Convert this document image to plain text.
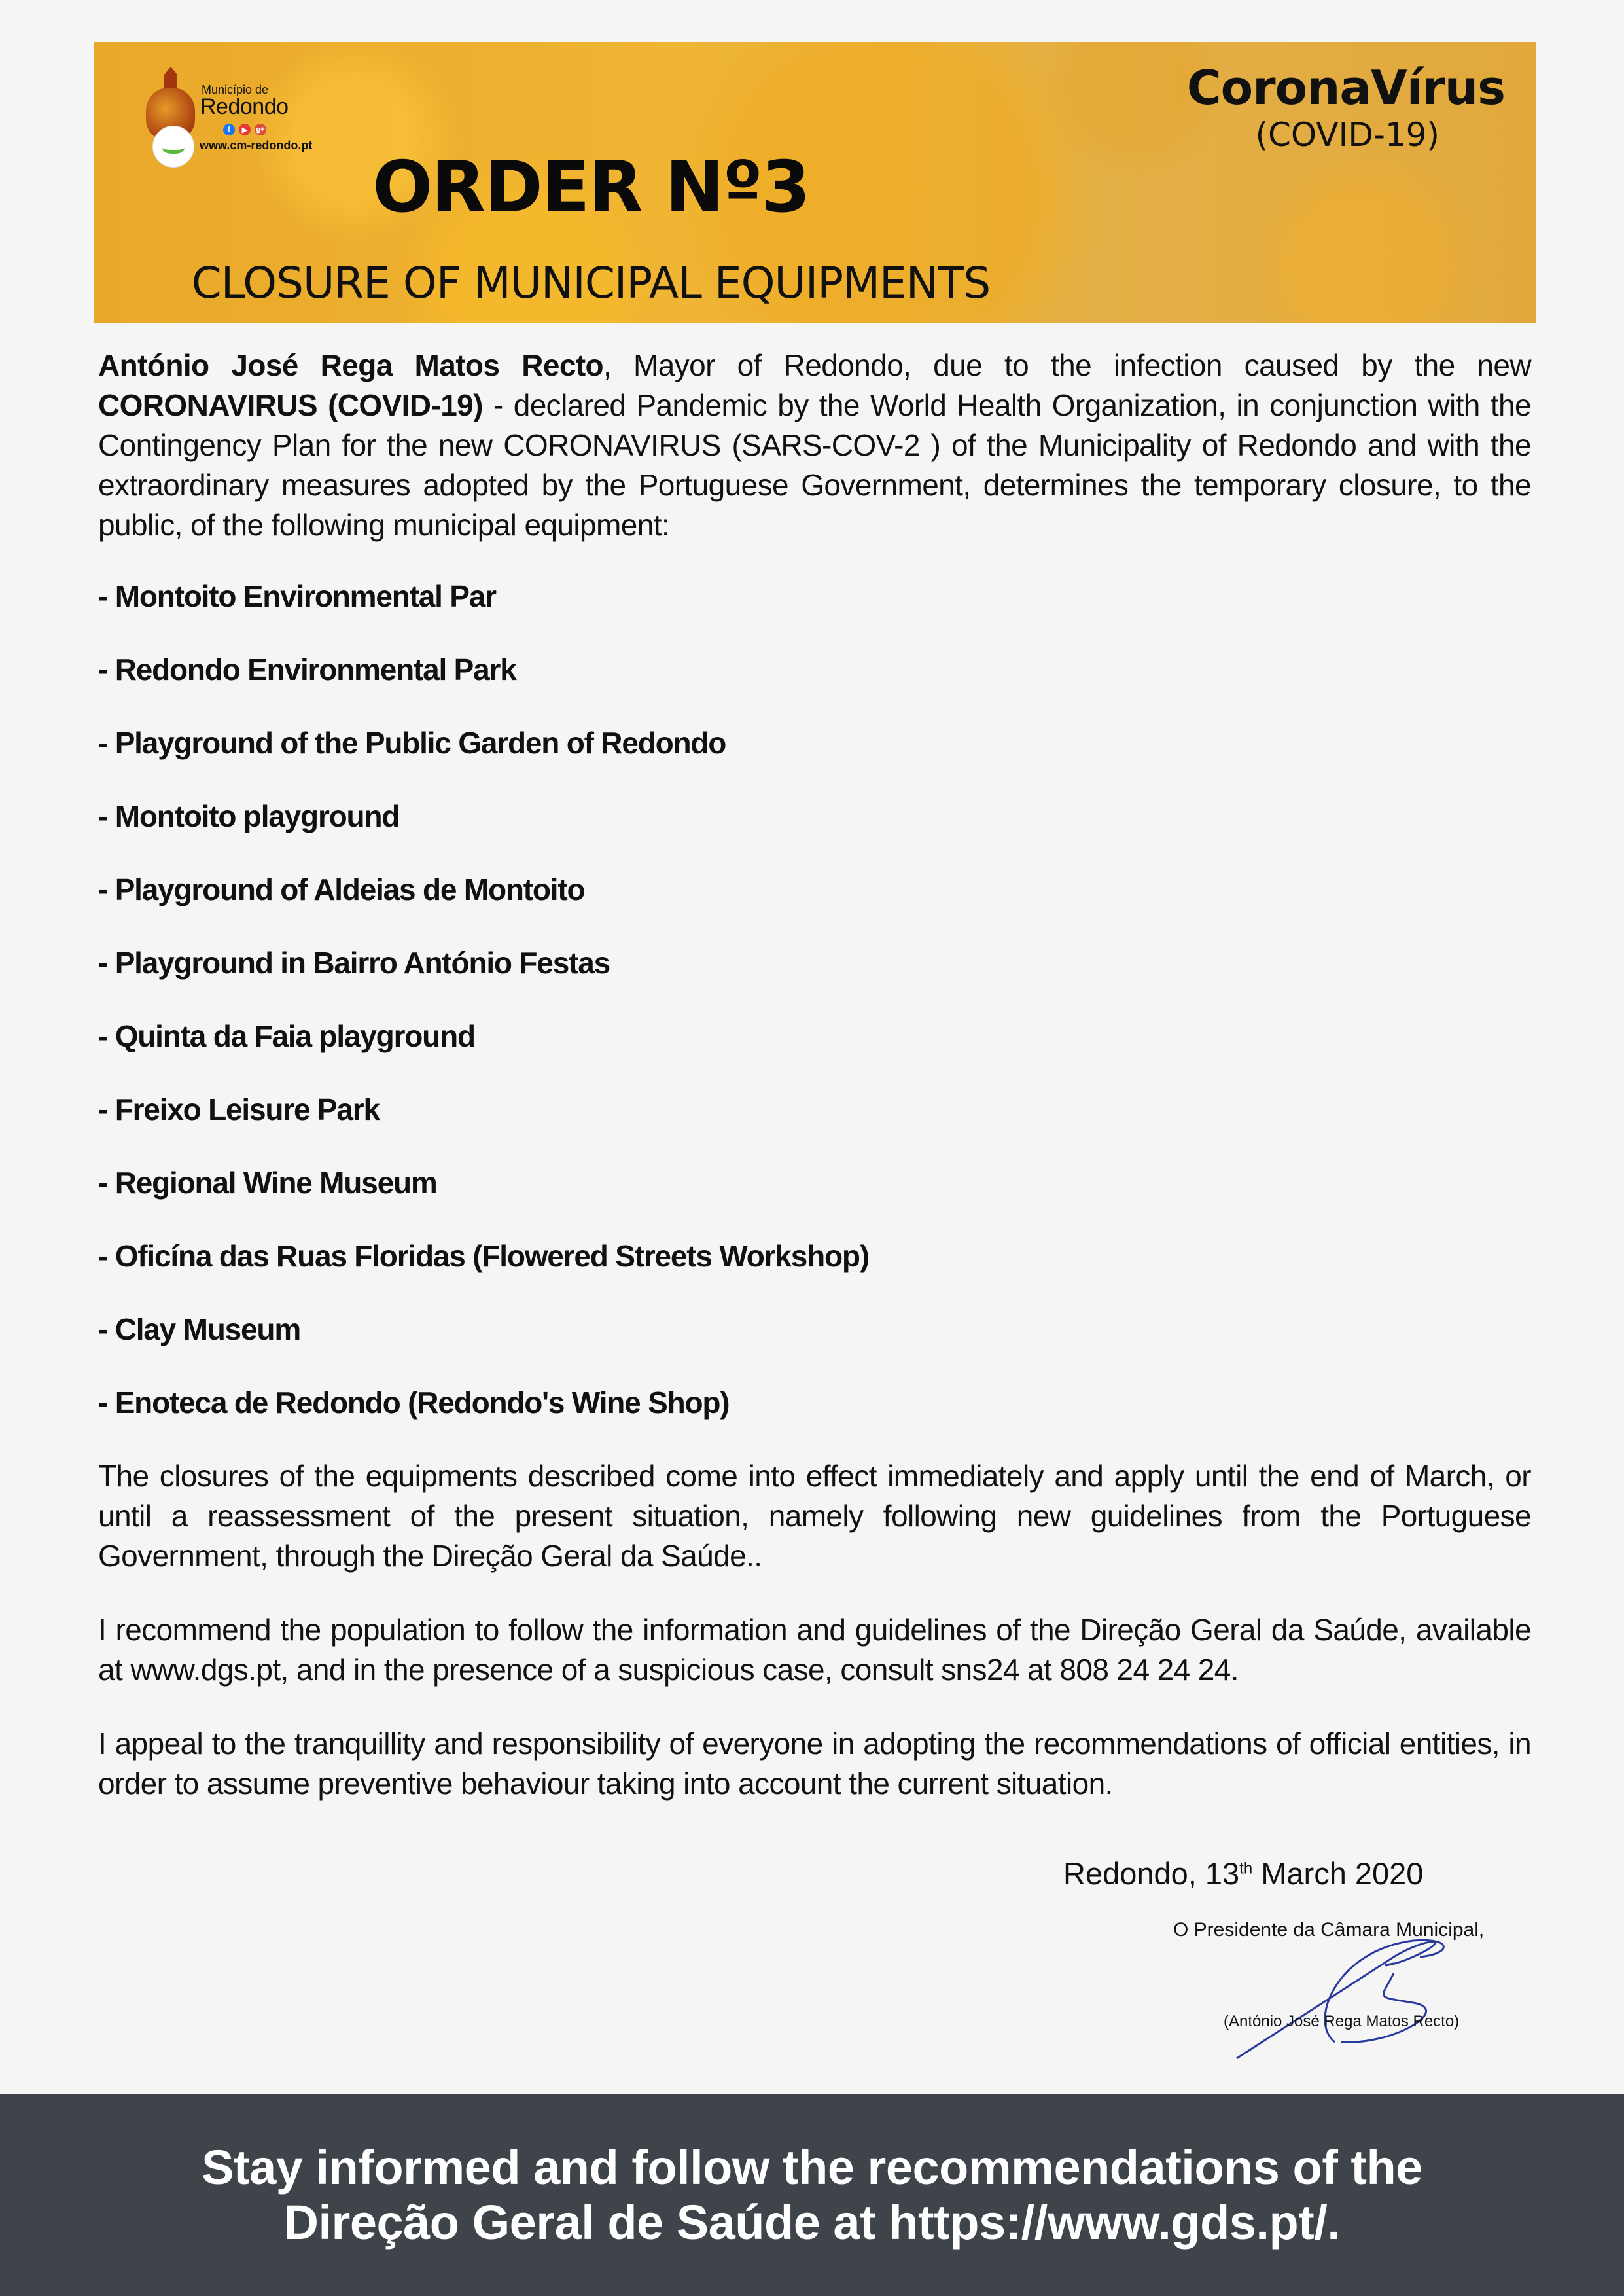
Município de
Redondo
f	▶	g+
www.cm-redondo.pt
CoronaVírus
(COVID-19)
ORDER Nº3
CLOSURE OF MUNICIPAL EQUIPMENTS

António José Rega Matos Recto, Mayor of Redondo, due to the infection caused by the new CORONAVIRUS (COVID-19) - declared Pandemic by the World Health Organization, in conjunction with the Contingency Plan for the new CORONAVIRUS (SARS-COV-2 ) of the Municipality of Redondo and with the extraordinary measures adopted by the Portuguese Government, determines the temporary closure, to the public, of the following municipal equipment:

- Montoito Environmental Par
- Redondo Environmental Park
- Playground of the Public Garden of Redondo
- Montoito playground
- Playground of Aldeias de Montoito
- Playground in Bairro António Festas
- Quinta da Faia playground
- Freixo Leisure Park
- Regional Wine Museum
- Oficína das Ruas Floridas (Flowered Streets Workshop)
- Clay Museum
- Enoteca de Redondo (Redondo's Wine Shop)

The closures of the equipments described come into effect immediately and apply until the end of March, or until a reassessment of the present situation, namely following new guidelines from the Portuguese Government, through the Direção Geral da Saúde..

I recommend the population to follow the information and guidelines of the Direção Geral da Saúde, available at www.dgs.pt, and in the presence of a suspicious case, consult sns24 at 808 24 24 24.

I appeal to the tranquillity and responsibility of everyone in adopting the recommendations of official entities, in order to assume preventive behaviour taking into account the current situation.

Redondo, 13th March 2020
O Presidente da Câmara Municipal,
(António José Rega Matos Recto)
Stay informed and follow the recommendations of the
Direção Geral de Saúde at https://www.gds.pt/.
